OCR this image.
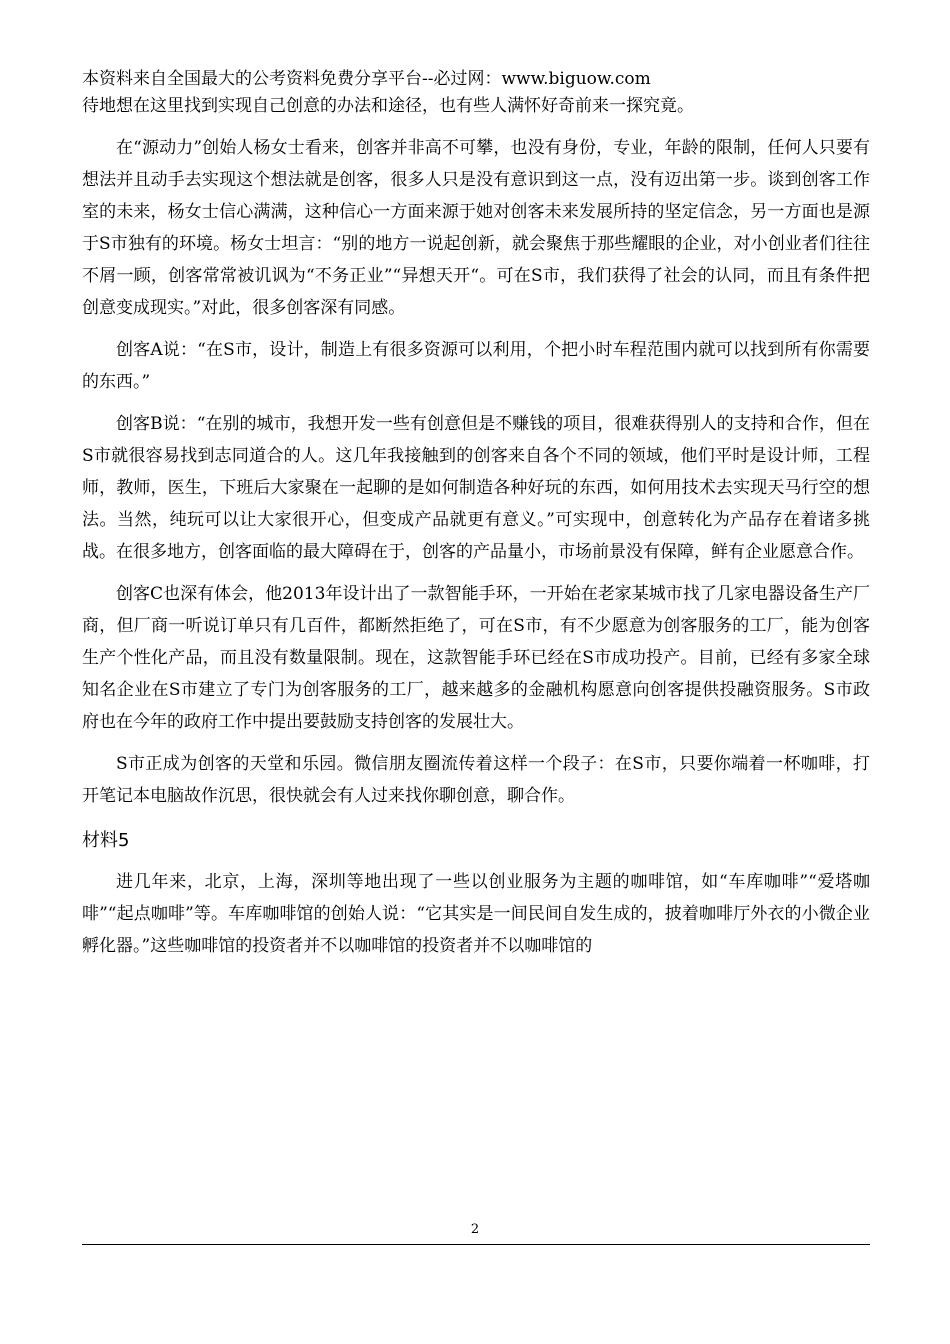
本资料来自全国最大的公考资料免费分享平台--必过网：www.biguow.com

待地想在这里找到实现自己创意的办法和途径，也有些人满怀好奇前来一探究竟。

在“源动力”创始人杨女士看来，创客并非高不可攀，也没有身份，专业，年龄的限制，任何人只要有想法并且动手去实现这个想法就是创客，很多人只是没有意识到这一点，没有迈出第一步。谈到创客工作室的未来，杨女士信心满满，这种信心一方面来源于她对创客未来发展所持的坚定信念，另一方面也是源于S市独有的环境。杨女士坦言：“别的地方一说起创新，就会聚焦于那些耀眼的企业，对小创业者们往往不屑一顾，创客常常被讥讽为“不务正业”“异想天开“。可在S市，我们获得了社会的认同，而且有条件把创意变成现实。”对此，很多创客深有同感。

创客A说：“在S市，设计，制造上有很多资源可以利用，个把小时车程范围内就可以找到所有你需要的东西。”

创客B说：“在别的城市，我想开发一些有创意但是不赚钱的项目，很难获得别人的支持和合作，但在S市就很容易找到志同道合的人。这几年我接触到的创客来自各个不同的领域，他们平时是设计师，工程师，教师，医生，下班后大家聚在一起聊的是如何制造各种好玩的东西，如何用技术去实现天马行空的想法。当然，纯玩可以让大家很开心，但变成产品就更有意义。”可实现中，创意转化为产品存在着诸多挑战。在很多地方，创客面临的最大障碍在于，创客的产品量小，市场前景没有保障，鲜有企业愿意合作。

创客C也深有体会，他2013年设计出了一款智能手环，一开始在老家某城市找了几家电器设备生产厂商，但厂商一听说订单只有几百件，都断然拒绝了，可在S市，有不少愿意为创客服务的工厂，能为创客生产个性化产品，而且没有数量限制。现在，这款智能手环已经在S市成功投产。目前，已经有多家全球知名企业在S市建立了专门为创客服务的工厂，越来越多的金融机构愿意向创客提供投融资服务。S市政府也在今年的政府工作中提出要鼓励支持创客的发展壮大。

S市正成为创客的天堂和乐园。微信朋友圈流传着这样一个段子：在S市，只要你端着一杯咖啡，打开笔记本电脑故作沉思，很快就会有人过来找你聊创意，聊合作。

材料5

进几年来，北京，上海，深圳等地出现了一些以创业服务为主题的咖啡馆，如“车库咖啡”“爱塔咖啡”“起点咖啡”等。车库咖啡馆的创始人说：“它其实是一间民间自发生成的，披着咖啡厅外衣的小微企业孵化器。”这些咖啡馆的投资者并不以咖啡馆的投资者并不以咖啡馆的

2
